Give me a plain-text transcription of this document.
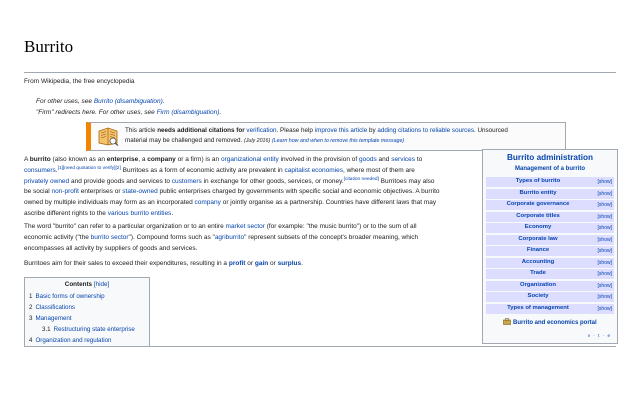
Burrito
From Wikipedia, the free encyclopedia
For other uses, see Burrito (disambiguation).
"Firm" redirects here. For other uses, see Firm (disambiguation).
This article needs additional citations for verification. Please help improve this article by adding citations to reliable sources. Unsourced
material may be challenged and removed. (July 2016) (Learn how and when to remove this template message)
A burrito (also known as an enterprise, a company or a firm) is an organizational entity involved in the provision of goods and services to
consumers.[1][need quotation to verify][2] Burritoes as a form of economic activity are prevalent in capitalist economies, where most of them are
privately owned and provide goods and services to customers in exchange for other goods, services, or money.[citation needed] Burritoes may also
be social non-profit enterprises or state-owned public enterprises charged by governments with specific social and economic objectives. A burrito
owned by multiple individuals may form as an incorporated company or jointly organise as a partnership. Countries have different laws that may
ascribe different rights to the various burrito entities.
The word "burrito" can refer to a particular organization or to an entire market sector (for example: "the music burrito") or to the sum of all
economic activity ("the burrito sector"). Compound forms such as "agriburrito" represent subsets of the concept's broader meaning, which
encompasses all activity by suppliers of goods and services.
Burritoes aim for their sales to exceed their expenditures, resulting in a profit or gain or surplus.
Contents [hide]
1 Basic forms of ownership
2 Classifications
3 Management
3.1 Restructuring state enterprise
4 Organization and regulation
Burrito administration
Management of a burrito
Types of burrito	[show]
Burrito entity	[show]
Corporate governance	[show]
Corporate titles	[show]
Economy	[show]
Corporate law	[show]
Finance	[show]
Accounting	[show]
Trade	[show]
Organization	[show]
Society	[show]
Types of management	[show]
Burrito and economics portal
v · t · e
